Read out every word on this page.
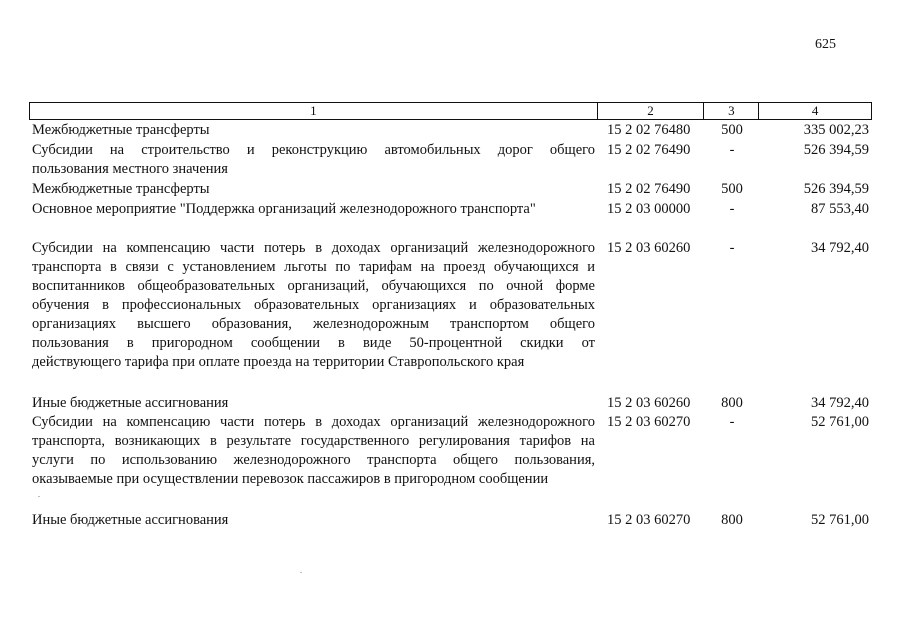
625
1	2	3	4
Межбюджетные трансферты	15 2 02 76480	500	335 002,23
Субсидии на строительство и реконструкцию автомобильных дорог общего
пользования местного значения
15 2 02 76490	-	526 394,59
Межбюджетные трансферты	15 2 02 76490	500	526 394,59
Основное мероприятие "Поддержка организаций железнодорожного транспорта"	15 2 03 00000	-	87 553,40
Субсидии на компенсацию части потерь в доходах организаций железнодорожного
транспорта в связи с установлением льготы по тарифам на проезд обучающихся и
воспитанников общеобразовательных организаций, обучающихся по очной форме
обучения в профессиональных образовательных организациях и образовательных
организациях высшего образования, железнодорожным транспортом общего
пользования в пригородном сообщении в виде 50-процентной скидки от
действующего тарифа при оплате проезда на территории Ставропольского края
15 2 03 60260	-	34 792,40
Иные бюджетные ассигнования	15 2 03 60260	800	34 792,40
Субсидии на компенсацию части потерь в доходах организаций железнодорожного
транспорта, возникающих в результате государственного регулирования тарифов на
услуги по использованию железнодорожного транспорта общего пользования,
оказываемые при осуществлении перевозок пассажиров в пригородном сообщении
15 2 03 60270	-	52 761,00
Иные бюджетные ассигнования	15 2 03 60270	800	52 761,00
